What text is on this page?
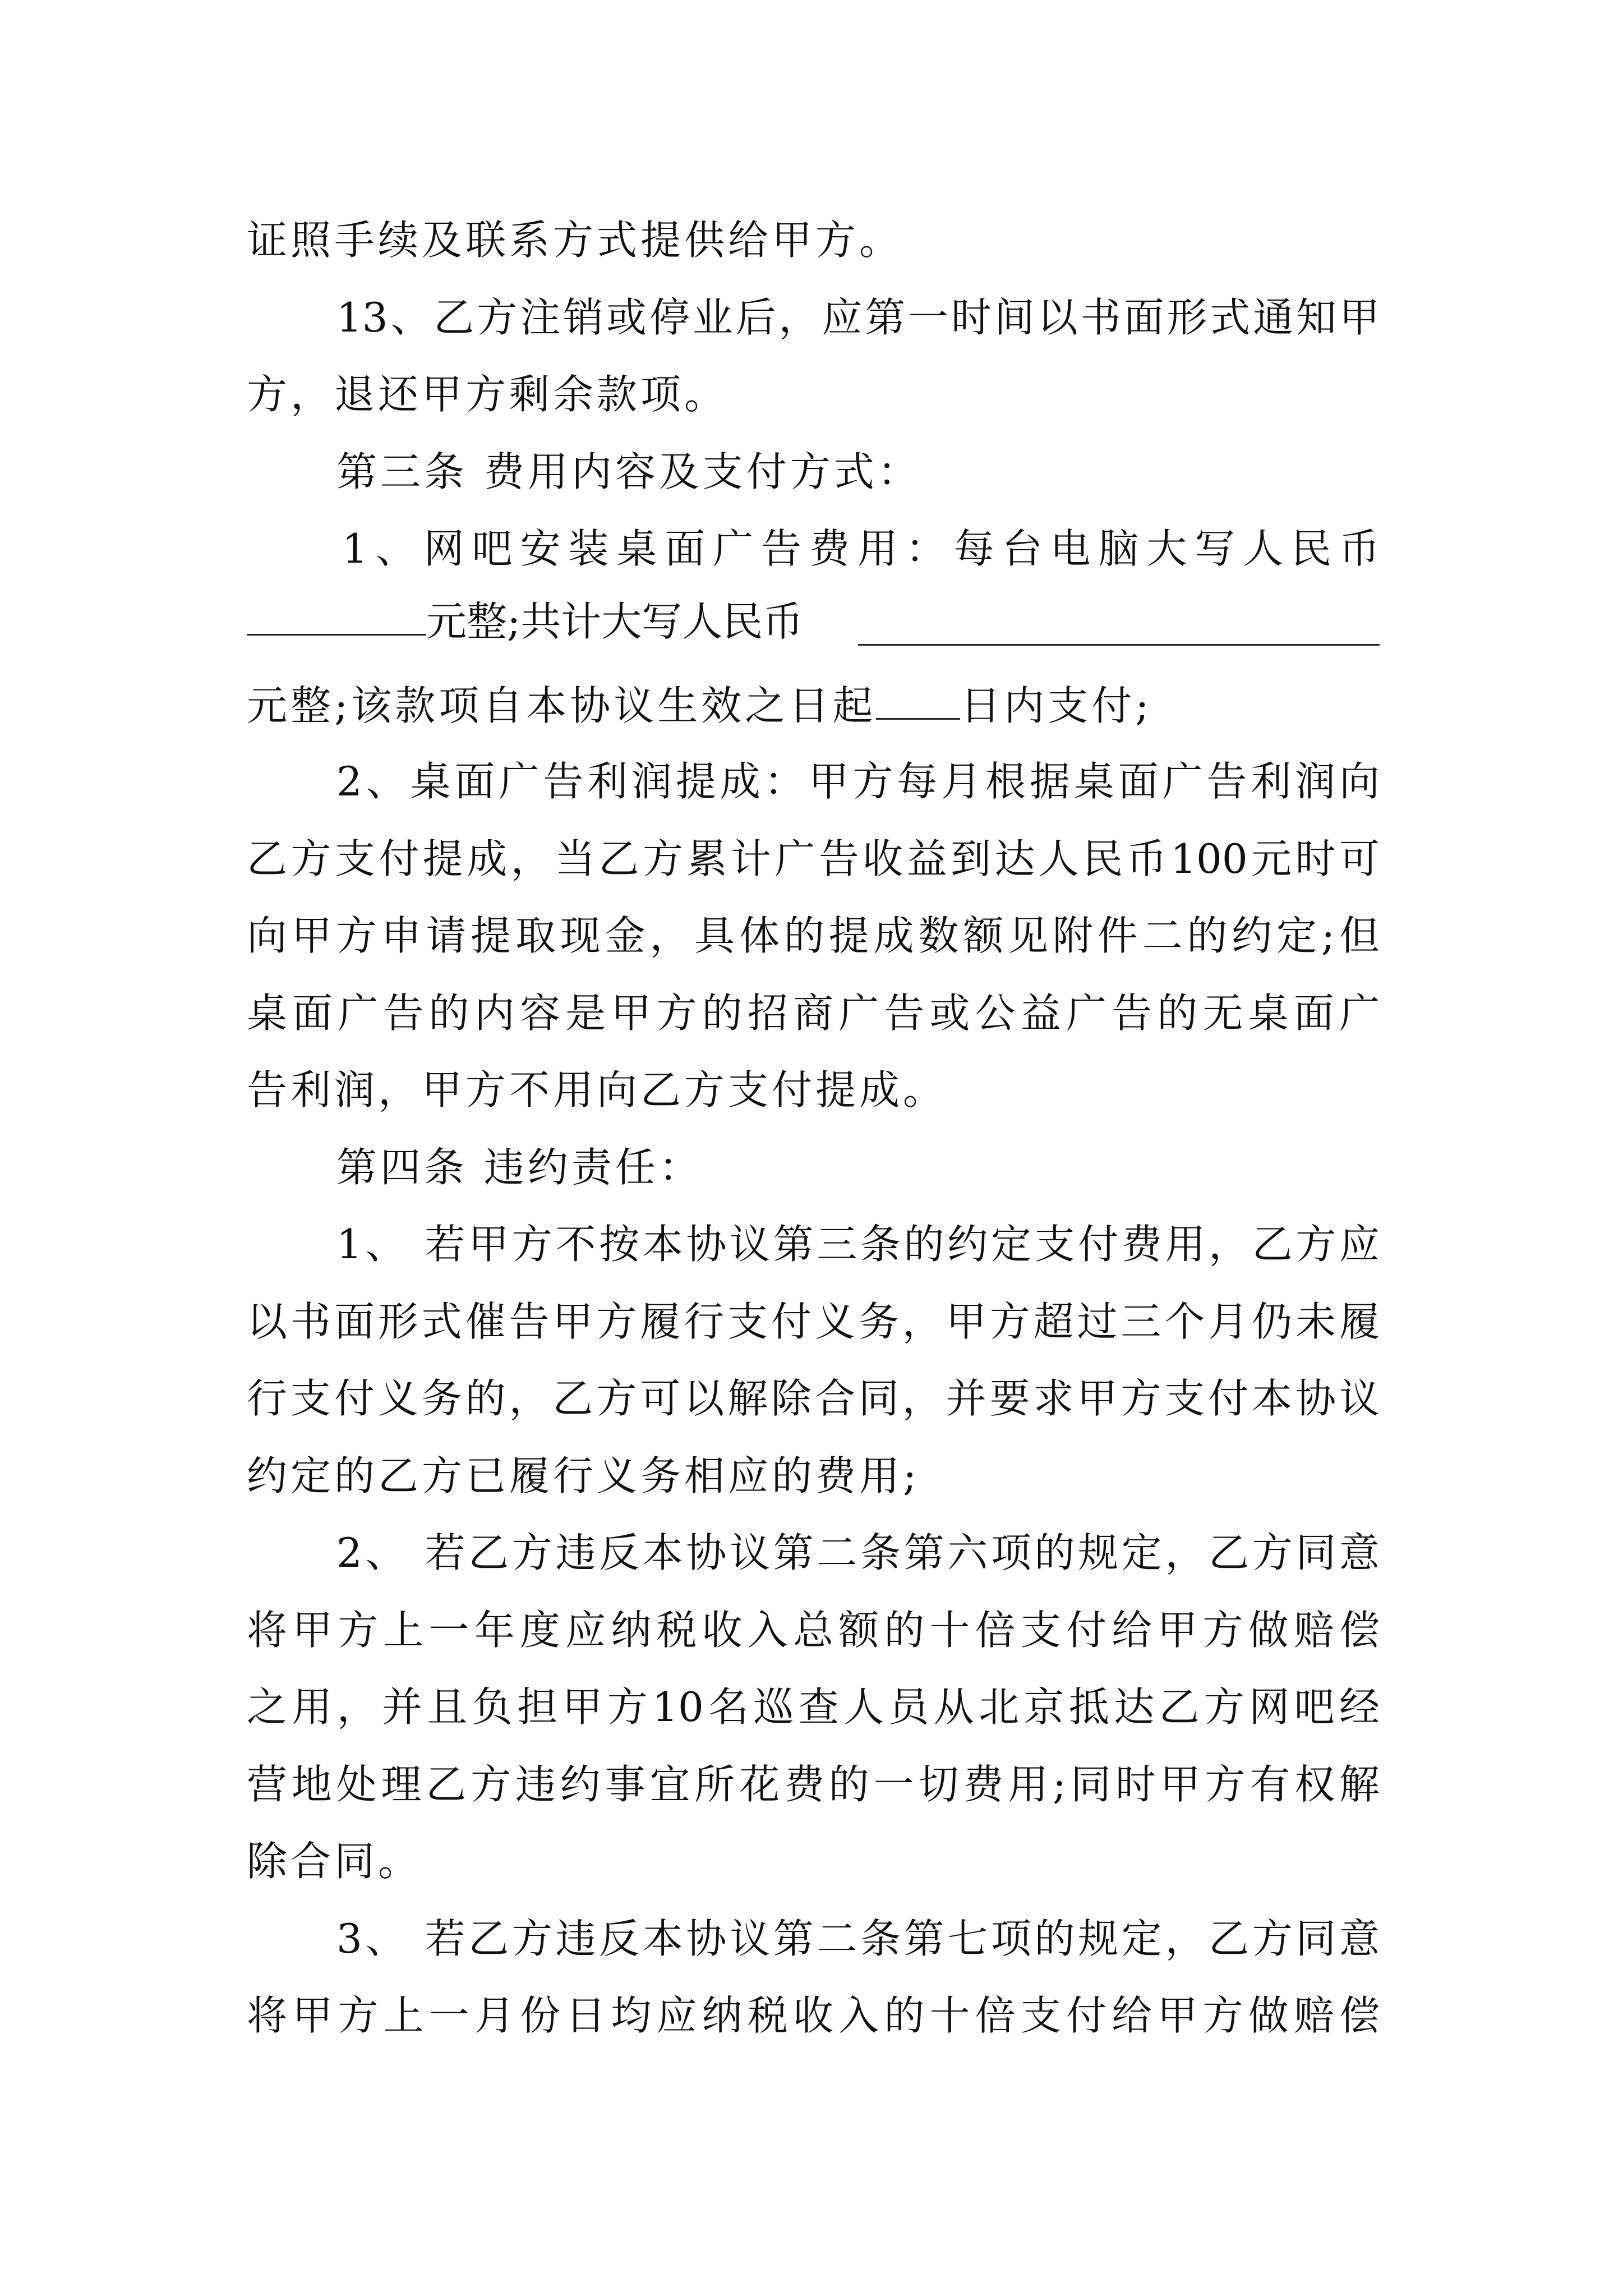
证照手续及联系方式提供给甲方。

13、乙方注销或停业后，应第一时间以书面形式通知甲

方，退还甲方剩余款项。

第三条 费用内容及支付方式：

1、网吧安装桌面广告费用：每台电脑大写人民币

元整;共计大写人民币
元整;该款项自本协议生效之日起 日内支付;

2、桌面广告利润提成：甲方每月根据桌面广告利润向

乙方支付提成，当乙方累计广告收益到达人民币100元时可

向甲方申请提取现金，具体的提成数额见附件二的约定;但

桌面广告的内容是甲方的招商广告或公益广告的无桌面广

告利润，甲方不用向乙方支付提成。

第四条 违约责任：

1、 若甲方不按本协议第三条的约定支付费用，乙方应

以书面形式催告甲方履行支付义务，甲方超过三个月仍未履

行支付义务的，乙方可以解除合同，并要求甲方支付本协议

约定的乙方已履行义务相应的费用;

2、 若乙方违反本协议第二条第六项的规定，乙方同意

将甲方上一年度应纳税收入总额的十倍支付给甲方做赔偿

之用，并且负担甲方10名巡查人员从北京抵达乙方网吧经

营地处理乙方违约事宜所花费的一切费用;同时甲方有权解

除合同。

3、 若乙方违反本协议第二条第七项的规定，乙方同意

将甲方上一月份日均应纳税收入的十倍支付给甲方做赔偿
